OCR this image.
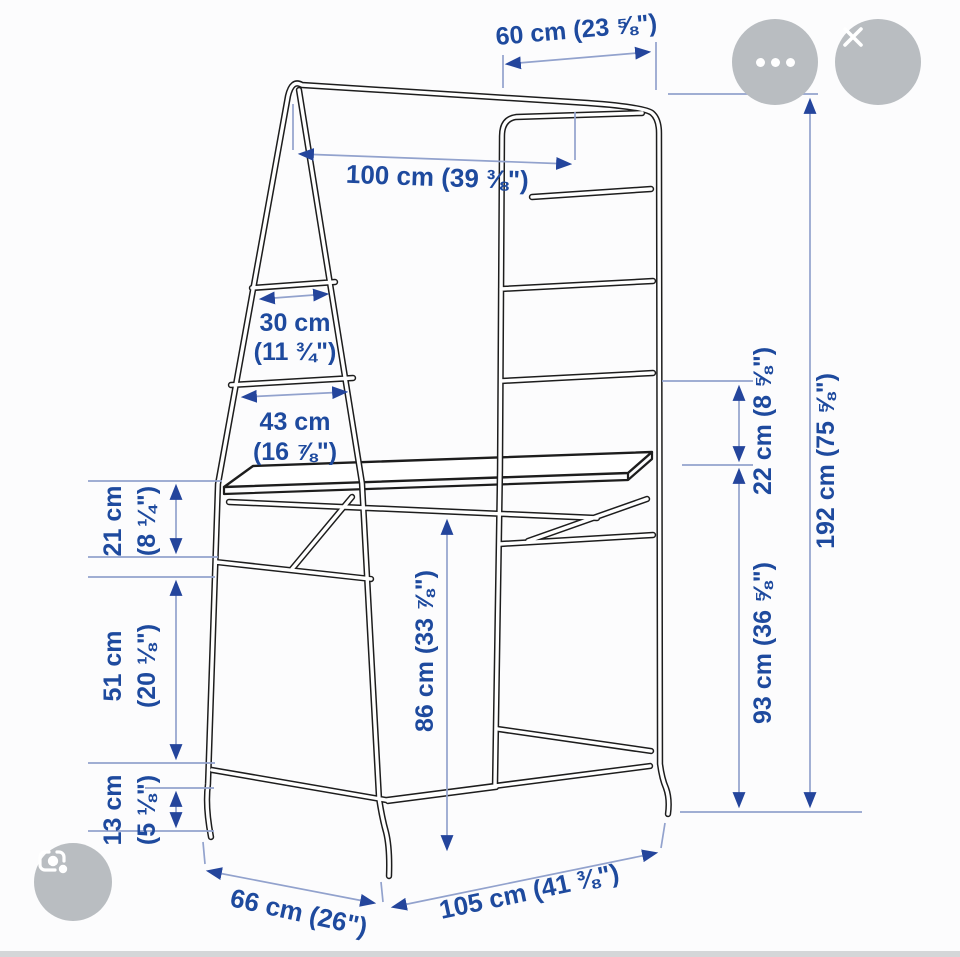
60 cm (23 ⅝")
100 cm (39 ⅜")
30 cm
(11 ¾")
43 cm
(16 ⅞")
21 cm (8 ¼")
51 cm (20 ⅛")
13 cm (5 ⅛")
86 cm (33 ⅞")
22 cm (8 ⅝")
93 cm (36 ⅝")
192 cm (75 ⅝")
66 cm (26")	105 cm (41 ⅜")
